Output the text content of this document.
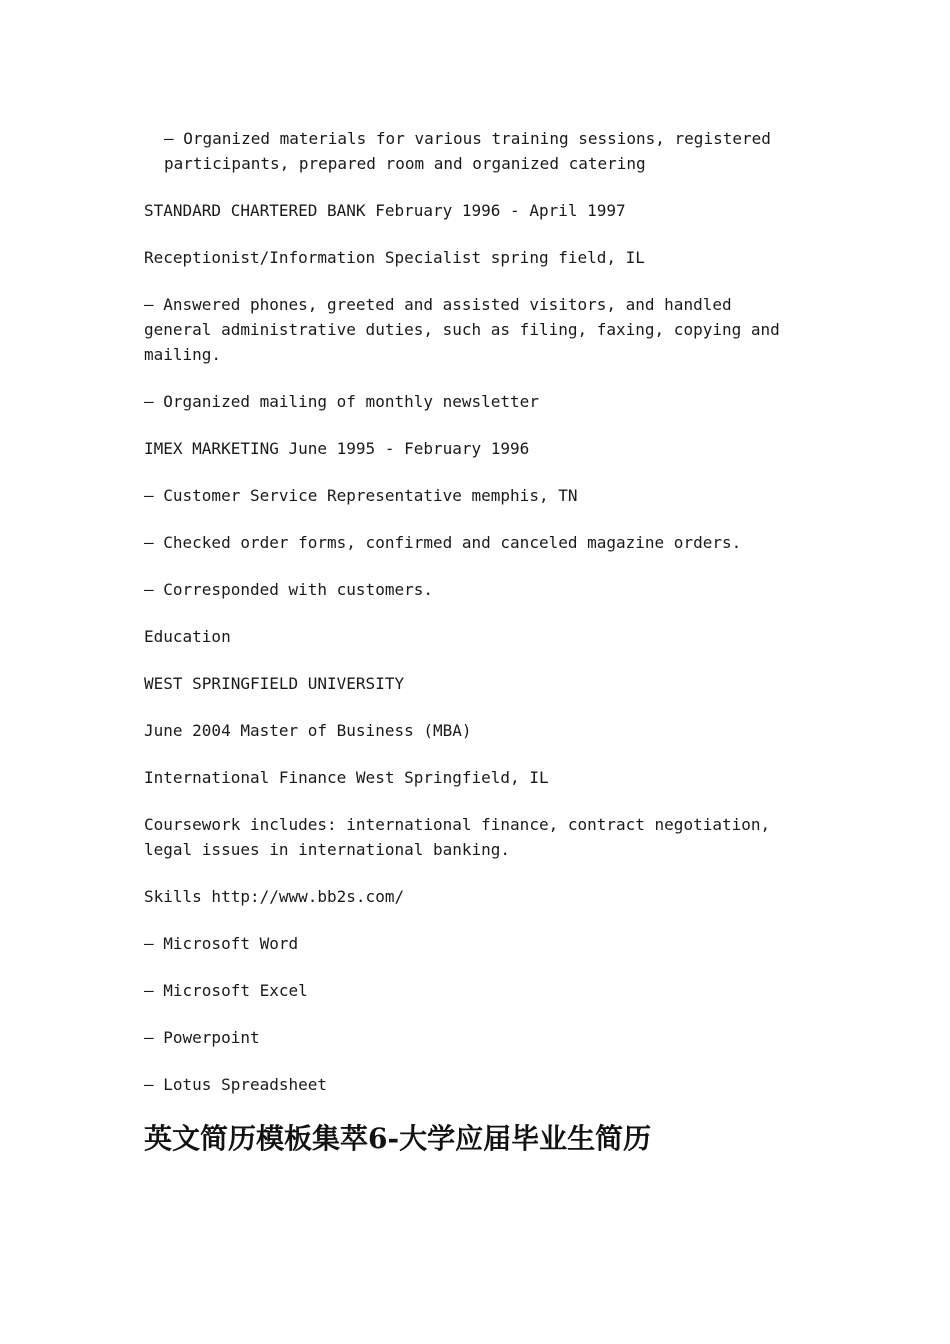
— Organized materials for various training sessions, registered participants, prepared room and organized catering

STANDARD CHARTERED BANK February 1996 - April 1997

Receptionist/Information Specialist spring field, IL

— Answered phones, greeted and assisted visitors, and handled general administrative duties, such as filing, faxing, copying and mailing.

— Organized mailing of monthly newsletter

IMEX MARKETING June 1995 - February 1996

— Customer Service Representative memphis, TN

— Checked order forms, confirmed and canceled magazine orders.

— Corresponded with customers.

Education

WEST SPRINGFIELD UNIVERSITY

June 2004 Master of Business (MBA)

International Finance West Springfield, IL

Coursework includes: international finance, contract negotiation, legal issues in international banking.

Skills http://www.bb2s.com/

— Microsoft Word

— Microsoft Excel

— Powerpoint

— Lotus Spreadsheet

英文简历模板集萃6-大学应届毕业生简历
